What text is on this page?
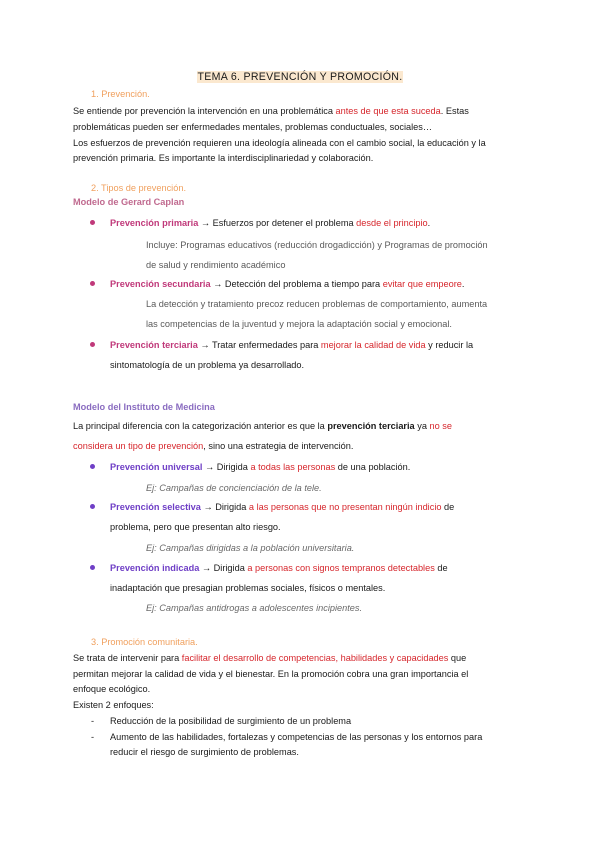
TEMA 6. PREVENCIÓN Y PROMOCIÓN.
1. Prevención.
Se entiende por prevención la intervención en una problemática antes de que esta suceda. Estas
problemáticas pueden ser enfermedades mentales, problemas conductuales, sociales…
Los esfuerzos de prevención requieren una ideología alineada con el cambio social, la educación y la
prevención primaria. Es importante la interdisciplinariedad y colaboración.
2. Tipos de prevención.
Modelo de Gerard Caplan
Prevención primaria → Esfuerzos por detener el problema desde el principio.
Incluye: Programas educativos (reducción drogadicción) y Programas de promoción
de salud y rendimiento académico
Prevención secundaria → Detección del problema a tiempo para evitar que empeore.
La detección y tratamiento precoz reducen problemas de comportamiento, aumenta
las competencias de la juventud y mejora la adaptación social y emocional.
Prevención terciaria → Tratar enfermedades para mejorar la calidad de vida y reducir la
sintomatología de un problema ya desarrollado.
Modelo del Instituto de Medicina
La principal diferencia con la categorización anterior es que la prevención terciaria ya no se
considera un tipo de prevención, sino una estrategia de intervención.
Prevención universal → Dirigida a todas las personas de una población.
Ej: Campañas de concienciación de la tele.
Prevención selectiva → Dirigida a las personas que no presentan ningún indicio de
problema, pero que presentan alto riesgo.
Ej: Campañas dirigidas a la población universitaria.
Prevención indicada → Dirigida a personas con signos tempranos detectables de
inadaptación que presagian problemas sociales, físicos o mentales.
Ej: Campañas antidrogas a adolescentes incipientes.
3. Promoción comunitaria.
Se trata de intervenir para facilitar el desarrollo de competencias, habilidades y capacidades que
permitan mejorar la calidad de vida y el bienestar. En la promoción cobra una gran importancia el
enfoque ecológico.
Existen 2 enfoques:
- Reducción de la posibilidad de surgimiento de un problema
- Aumento de las habilidades, fortalezas y competencias de las personas y los entornos para
reducir el riesgo de surgimiento de problemas.
